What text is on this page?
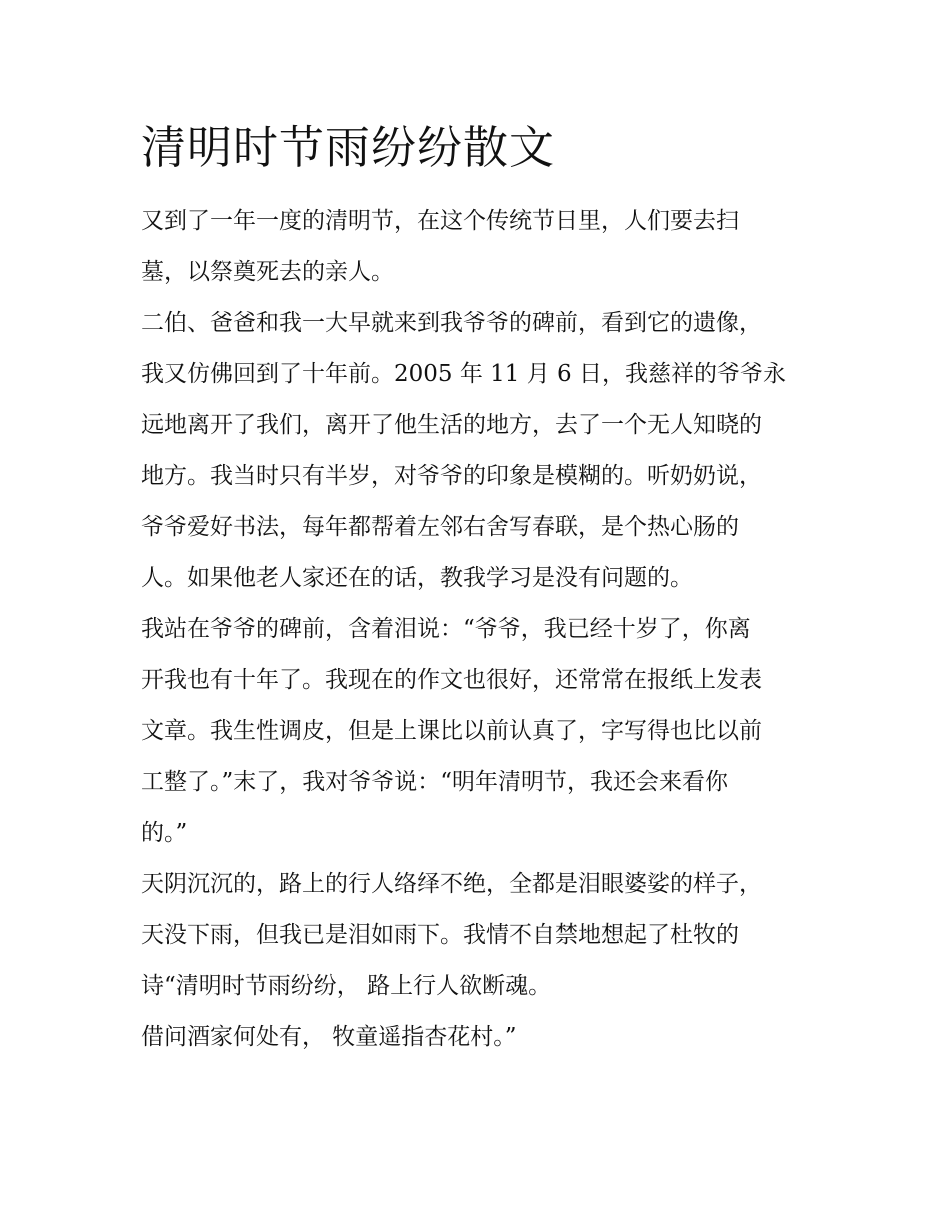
清明时节雨纷纷散文

又到了一年一度的清明节，在这个传统节日里，人们要去扫

墓，以祭奠死去的亲人。

二伯、爸爸和我一大早就来到我爷爷的碑前，看到它的遗像，

我又仿佛回到了十年前。2005 年 11 月 6 日，我慈祥的爷爷永

远地离开了我们，离开了他生活的地方，去了一个无人知晓的

地方。我当时只有半岁，对爷爷的印象是模糊的。听奶奶说，

爷爷爱好书法，每年都帮着左邻右舍写春联，是个热心肠的

人。如果他老人家还在的话，教我学习是没有问题的。

我站在爷爷的碑前，含着泪说：“爷爷，我已经十岁了，你离

开我也有十年了。我现在的作文也很好，还常常在报纸上发表

文章。我生性调皮，但是上课比以前认真了，字写得也比以前

工整了。”末了，我对爷爷说：“明年清明节，我还会来看你

的。”

天阴沉沉的，路上的行人络绎不绝，全都是泪眼婆娑的样子，

天没下雨，但我已是泪如雨下。我情不自禁地想起了杜牧的

诗“清明时节雨纷纷， 路上行人欲断魂。

借问酒家何处有， 牧童遥指杏花村。”
